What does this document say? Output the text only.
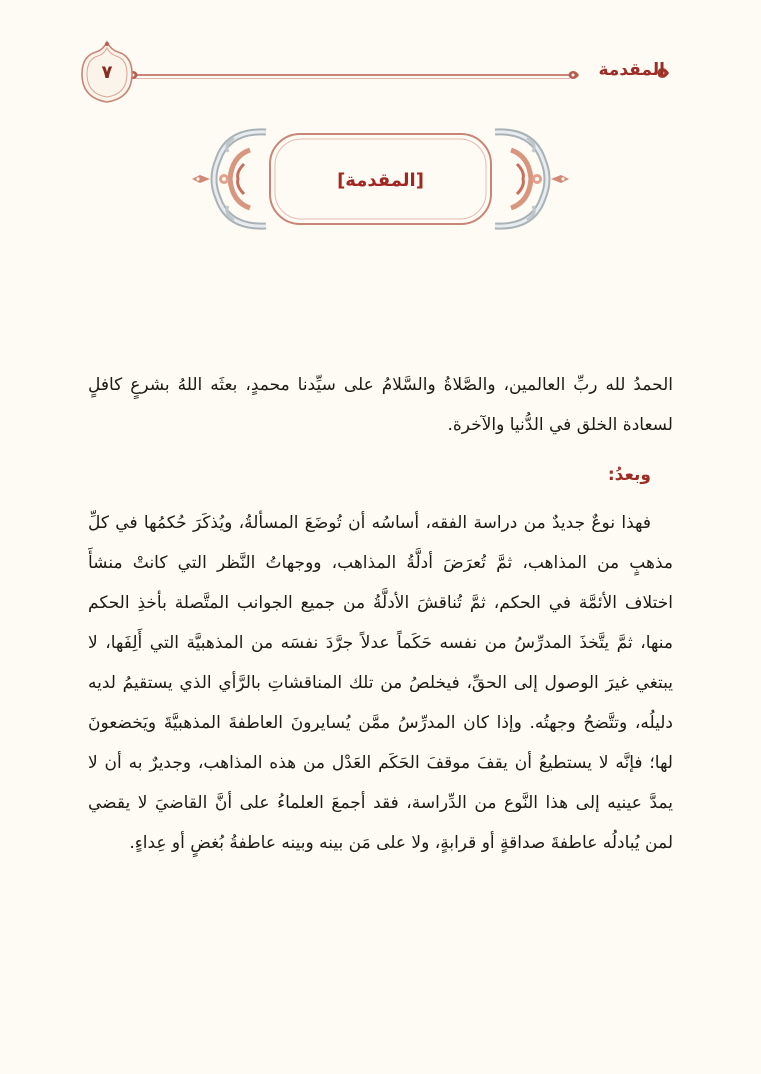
المقدمة
٧
[المقدمة]

الحمدُ لله ربِّ العالمين، والصَّلاةُ والسَّلامُ على سيِّدنا محمدٍ، بعثَه اللهُ بشرعٍ كافلٍ لسعادة الخلق في الدُّنيا والآخرة.

وبعدُ:

فهذا نوعٌ جديدٌ من دراسة الفقه، أساسُه أن تُوضَعَ المسألةُ، ويُذكَرَ حُكمُها في كلِّ مذهبٍ من المذاهب، ثمَّ تُعرَضَ أدلَّةُ المذاهب، ووجهاتُ النَّظر التي كانتْ منشأَ اختلاف الأئمَّة في الحكم، ثمَّ تُناقشَ الأدلَّةُ من جميع الجوانب المتَّصلة بأخذِ الحكم منها، ثمَّ يتَّخذَ المدرِّسُ من نفسه حَكَماً عدلاً جرَّدَ نفسَه من المذهبيَّة التي أَلِفَها، لا يبتغي غيرَ الوصول إلى الحقِّ، فيخلصُ من تلك المناقشاتِ بالرَّأي الذي يستقيمُ لديه دليلُه، وتتَّضحُ وجهتُه. وإذا كان المدرِّسُ ممَّن يُسايرونَ العاطفةَ المذهبيَّةَ ويَخضعونَ لها؛ فإنَّه لا يستطيعُ أن يقفَ موقفَ الحَكَم العَدْل من هذه المذاهب، وجديرٌ به أن لا يمدَّ عينيه إلى هذا النَّوع من الدِّراسة، فقد أجمعَ العلماءُ على أنَّ القاضيَ لا يقضي لمن يُبادلُه عاطفةَ صداقةٍ أو قرابةٍ، ولا على مَن بينه وبينه عاطفةُ بُغضٍ أو عِداءٍ.
